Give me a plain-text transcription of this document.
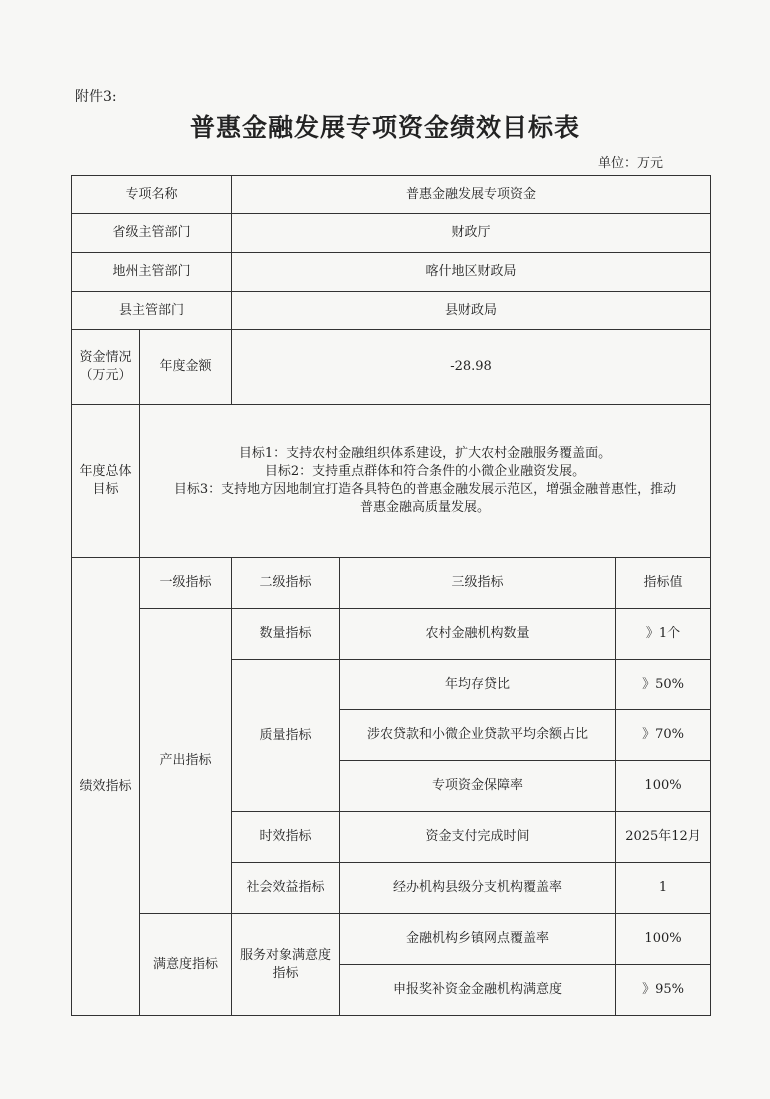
附件3:
普惠金融发展专项资金绩效目标表
单位：万元
专项名称		普惠金融发展专项资金		
省级主管部门		财政厅		
地州主管部门		喀什地区财政局		
县主管部门		县财政局		
资金情况（万元）	年度金额	-28.98		
年度总体目标	目标1：支持农村金融组织体系建设，扩大农村金融服务覆盖面。
目标2：支持重点群体和符合条件的小微企业融资发展。
目标3：支持地方因地制宜打造各具特色的普惠金融发展示范区，增强金融普惠性，推动
普惠金融高质量发展。			

绩效指标	一级指标	二级指标	三级指标	指标值
	产出指标	数量指标	农村金融机构数量	》1个
		质量指标	年均存贷比	》50%
			涉农贷款和小微企业贷款平均余额占比	》70%
			专项资金保障率	100%
		时效指标	资金支付完成时间	2025年12月
		社会效益指标	经办机构县级分支机构覆盖率	1
	满意度指标	服务对象满意度指标	金融机构乡镇网点覆盖率	100%
			申报奖补资金金融机构满意度	》95%
